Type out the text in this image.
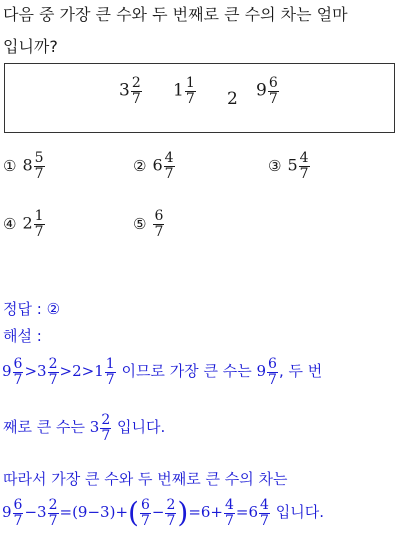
다음 중 가장 큰 수와 두 번째로 큰 수의 차는 얼마
입니까?
$3 \frac{2}{7} 1 \frac{1}{7} 2$ $9 \frac{6}{7}$
① $8 \frac{5}{7}$	② $6 \frac{4}{7}$	③ $5 \frac{4}{7}$
④ $2 \frac{1}{7}$	⑤ $\frac{6}{7}$
정답 : ②
해설 :
$9 \frac{6}{7} >3 \frac{2}{7} >2>1 \frac{1}{7}$ 이므로 가장 큰 수는 $9 \frac{6}{7}$ , 두 번
째로 큰 수는 $3 \frac{2}{7}$ 입니다.
따라서 가장 큰 수와 두 번째로 큰 수의 차는
$9 \frac{6}{7} -3 \frac{2}{7} =(9-3)+( \frac{6}{7} - \frac{2}{7} )=6+ \frac{4}{7} =6 \frac{4}{7}$ 입니다.
